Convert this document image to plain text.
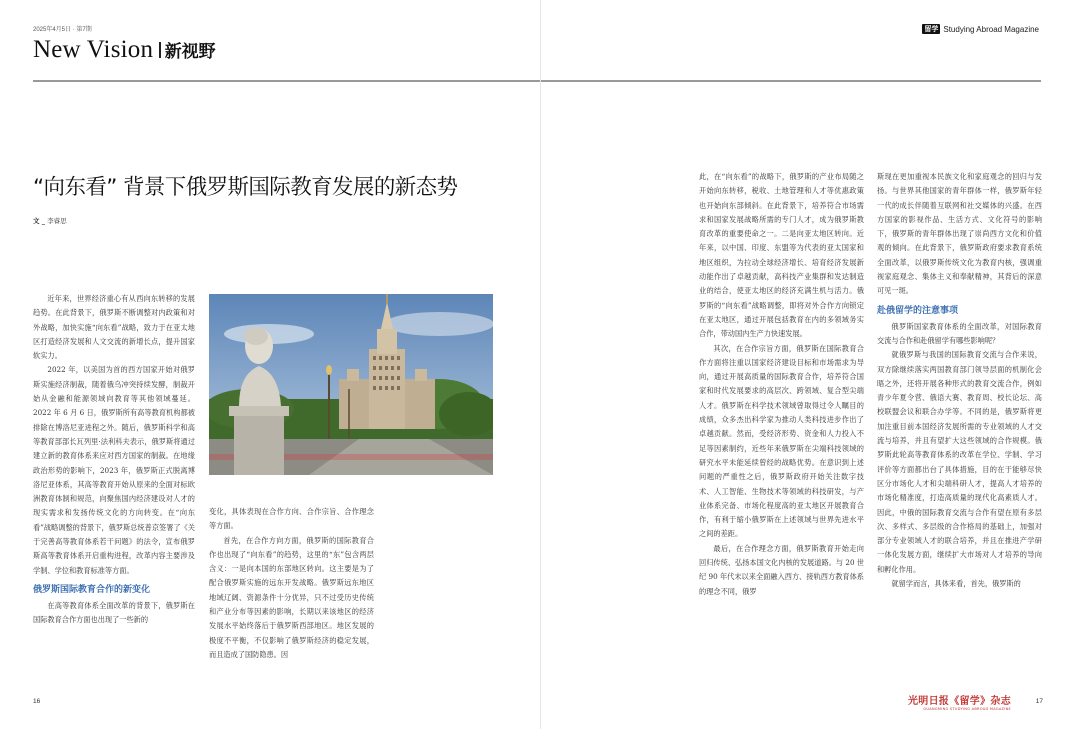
2025年4月5日 · 第7期
New Vision 新视野
“向东看” 背景下俄罗斯国际教育发展的新态势
文 _ 李睿思

近年来，世界经济重心有从西向东转移的发展趋势。在此背景下，俄罗斯不断调整对内政策和对外战略，加快实施“向东看”战略，致力于在亚太地区打造经济发展和人文交流的新增长点，提升国家软实力。

2022 年，以美国为首的西方国家开始对俄罗斯实施经济制裁，随着俄乌冲突持续发酵，制裁开始从金融和能源领域向教育等其他领域蔓延。2022 年 6 月 6 日，俄罗斯所有高等教育机构都被排除在博洛尼亚进程之外。随后，俄罗斯科学和高等教育部部长瓦列里·法利科夫表示，俄罗斯将通过建立新的教育体系来应对西方国家的制裁。在地缘政治形势的影响下，2023 年，俄罗斯正式脱离博洛尼亚体系，其高等教育开始从原来的全面对标欧洲教育体制和规范，向聚焦国内经济建设对人才的现实需求和发扬传统文化的方向转变。在“向东看”战略调整的背景下，俄罗斯总统普京签署了《关于完善高等教育体系若干问题》的法令，宣布俄罗斯高等教育体系开启重构进程，改革内容主要涉及学制、学位和教育标准等方面。

俄罗斯国际教育合作的新变化

在高等教育体系全面改革的背景下，俄罗斯在国际教育合作方面也出现了一些新的

变化，具体表现在合作方向、合作宗旨、合作理念等方面。

首先，在合作方向方面，俄罗斯的国际教育合作也出现了“向东看”的趋势，这里的“东”包含两层含义：一是向本国的东部地区转向。这主要是为了配合俄罗斯实施的远东开发战略。俄罗斯远东地区地域辽阔、资源条件十分优异，只不过受历史传统和产业分布等因素的影响，长期以来该地区的经济发展水平始终落后于俄罗斯西部地区。地区发展的极度不平衡，不仅影响了俄罗斯经济的稳定发展，而且造成了国防隐患。因

16
留学 Studying Abroad Magazine

此，在“向东看”的战略下，俄罗斯的产业布局随之开始向东转移，税收、土地管理和人才等优惠政策也开始向东部倾斜。在此背景下，培养符合市场需求和国家发展战略所需的专门人才，成为俄罗斯教育改革的重要使命之一。二是向亚太地区转向。近年来，以中国、印度、东盟等为代表的亚太国家和地区组织，为拉动全球经济增长、培育经济发展新动能作出了卓越贡献，高科技产业集群和发达制造业的结合，使亚太地区的经济充满生机与活力。俄罗斯的“向东看”战略调整，即将对外合作方向锁定在亚太地区，通过开展包括教育在内的多领域务实合作，带动国内生产力快速发展。

其次，在合作宗旨方面，俄罗斯在国际教育合作方面将注重以国家经济建设目标和市场需求为导向，通过开展高质量的国际教育合作，培养符合国家和时代发展要求的高层次、跨领域、复合型尖端人才。俄罗斯在科学技术领域曾取得过令人瞩目的成绩，众多杰出科学家为推动人类科技进步作出了卓越贡献。然而，受经济形势、资金和人力投入不足等因素制约，近些年来俄罗斯在尖端科技领域的研究水平未能延续曾经的战略优势。在意识到上述问题的严重性之后，俄罗斯政府开始关注数字技术、人工智能、生物技术等领域的科技研发，与产业体系完备、市场化程度高的亚太地区开展教育合作，有利于缩小俄罗斯在上述领域与世界先进水平之间的差距。

最后，在合作理念方面，俄罗斯教育开始走向回归传统、弘扬本国文化内核的发展道路。与 20 世纪 90 年代末以来全面融入西方、接轨西方教育体系的理念不同，俄罗

斯现在更加重视本民族文化和家庭观念的回归与发扬。与世界其他国家的青年群体一样，俄罗斯年轻一代的成长伴随着互联网和社交媒体的兴盛。在西方国家的影视作品、生活方式、文化符号的影响下，俄罗斯的青年群体出现了崇尚西方文化和价值观的倾向。在此背景下，俄罗斯政府要求教育系统全面改革，以俄罗斯传统文化为教育内核，强调重视家庭观念、集体主义和奉献精神，其背后的深意可见一斑。

赴俄留学的注意事项

俄罗斯国家教育体系的全面改革，对国际教育交流与合作和赴俄留学有哪些影响呢？

就俄罗斯与我国的国际教育交流与合作来说，双方除继续落实两国教育部门领导层面的机制化会晤之外，还将开展各种形式的教育交流合作，例如青少年夏令营、俄语大赛、教育周、校长论坛、高校联盟会议和联合办学等。不同的是，俄罗斯将更加注重目前本国经济发展所需的专业领域的人才交流与培养，并且有望扩大这些领域的合作规模。俄罗斯此轮高等教育体系的改革在学位、学制、学习评价等方面都出台了具体措施，目的在于能够尽快区分市场化人才和尖端科研人才，提高人才培养的市场化精准度，打造高质量的现代化高素质人才。因此，中俄的国际教育交流与合作有望在原有多层次、多样式、多层级的合作格局的基础上，加强对部分专业领域人才的联合培养，并且在推进产学研一体化发展方面，继续扩大市场对人才培养的导向和孵化作用。

就留学而言，具体来看，首先，俄罗斯的

光明日报《留学》杂志
GUANGMING STUDYING ABROAD MAGAZINE
17
